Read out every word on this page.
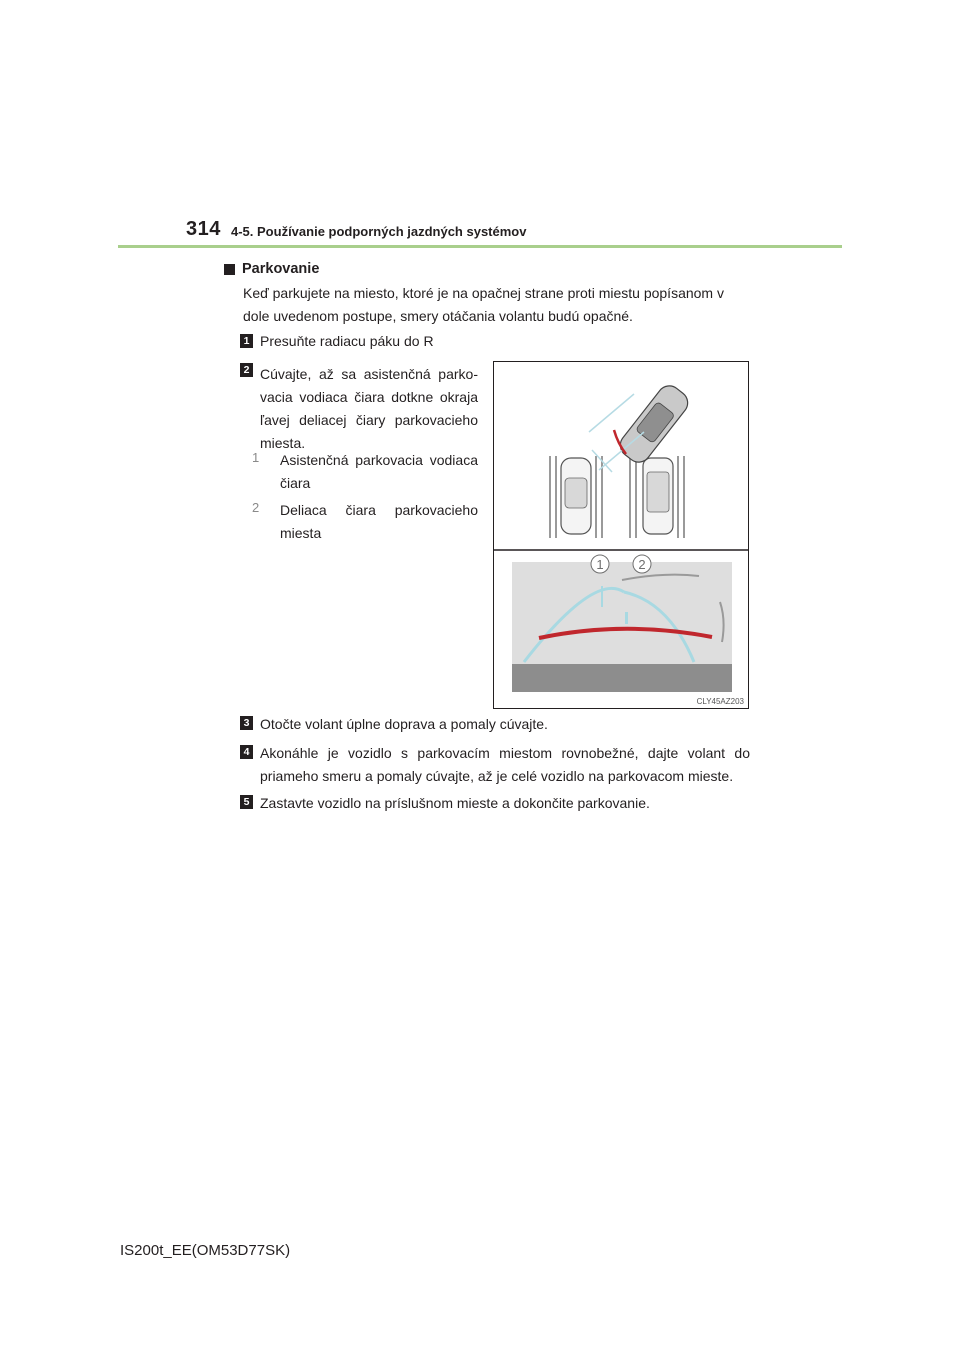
314 4-5. Používanie podporných jazdných systémov
Parkovanie
Keď parkujete na miesto, ktoré je na opačnej strane proti miestu popísanom v dole uvedenom postupe, smery otáčania volantu budú opačné.
1 Presuňte radiacu páku do R
2 Cúvajte, až sa asistenčná parko- vacia vodiaca čiara dotkne okraja ľavej deliacej čiary parkovacieho miesta.
1 Asistenčná parkovacia vodiaca čiara
2 Deliaca čiara parkovacieho miesta
1	2
CLY45AZ203
3 Otočte volant úplne doprava a pomaly cúvajte.
4 Akonáhle je vozidlo s parkovacím miestom rovnobežné, dajte volant do priameho smeru a pomaly cúvajte, až je celé vozidlo na parkovacom mieste.
5 Zastavte vozidlo na príslušnom mieste a dokončite parkovanie.
IS200t_EE(OM53D77SK)
